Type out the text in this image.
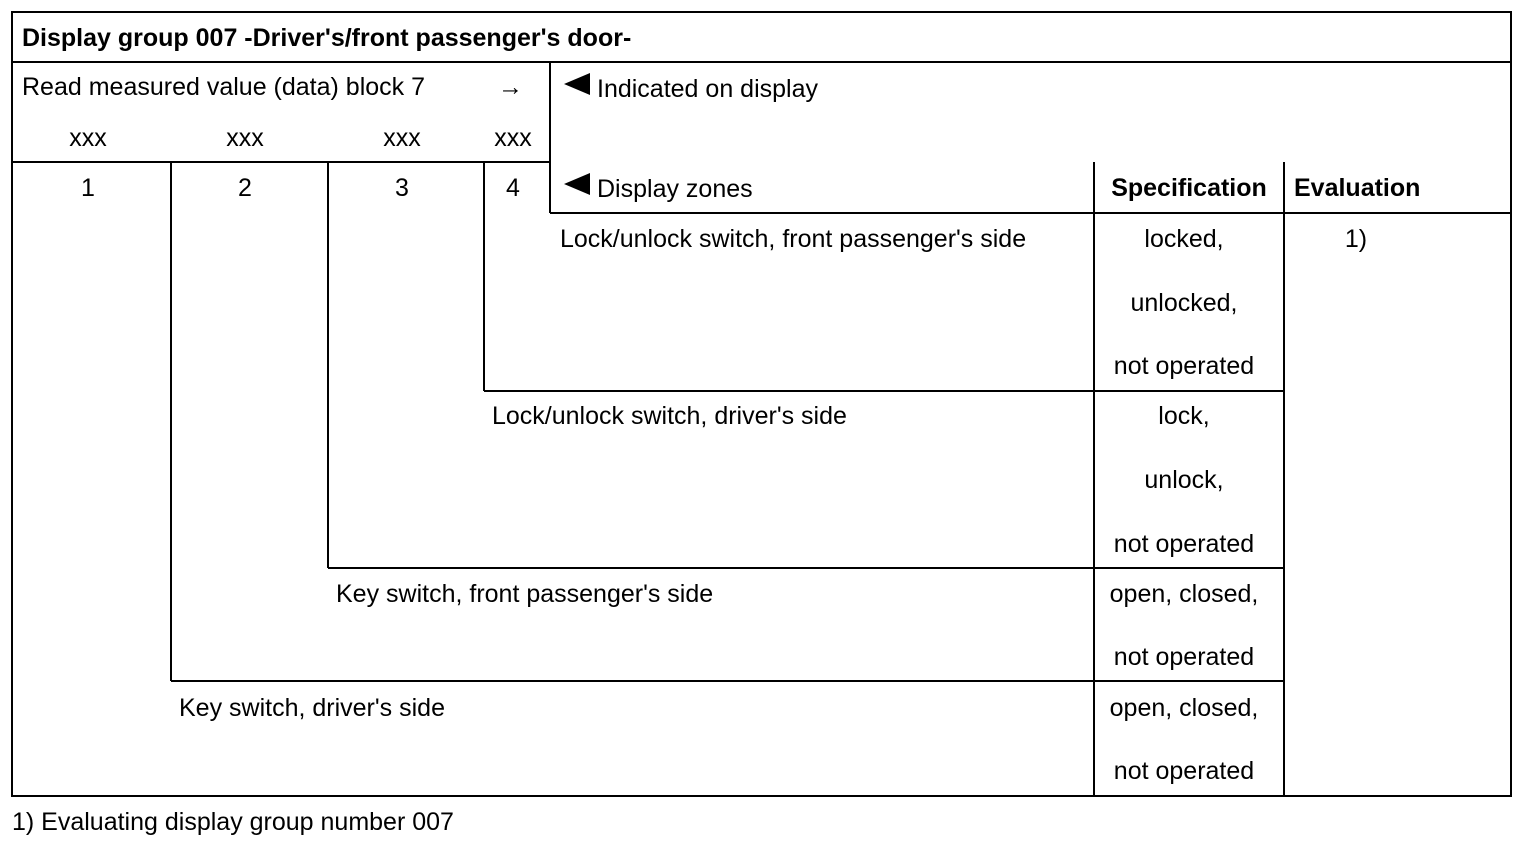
Display group 007 -Driver's/front passenger's door-
Read measured value (data) block 7	→
xxx	xxx	xxx	xxx
1	2	3	4
Indicated on display
Display zones	Specification Evaluation
Lock/unlock switch, front passenger's side	locked,
unlocked,
not operated
1)
Lock/unlock switch, driver's side	lock,
unlock,
not operated
Key switch, front passenger's side	open, closed,
not operated
Key switch, driver's side	open, closed,
not operated
1) Evaluating display group number 007
